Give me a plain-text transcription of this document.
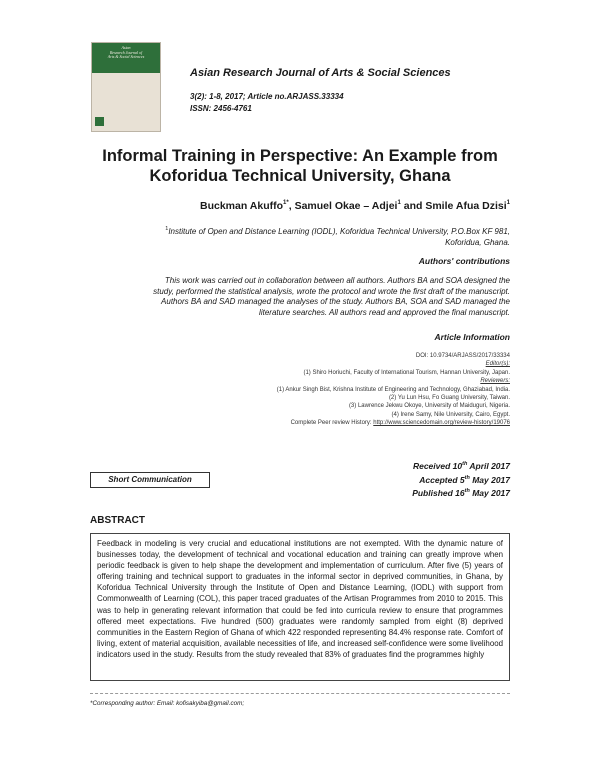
Asian
Research Journal of
Arts & Social Sciences
Asian Research Journal of Arts & Social Sciences
3(2): 1-8, 2017; Article no.ARJASS.33334
ISSN: 2456-4761
Informal Training in Perspective: An Example from
Koforidua Technical University, Ghana
Buckman Akuffo$^{1*}$, Samuel Okae – Adjei$^1$ and Smile Afua Dzisi$^1$
$^1$Institute of Open and Distance Learning (IODL), Koforidua Technical University, P.O.Box KF 981,
Koforidua, Ghana.
Authors' contributions
This work was carried out in collaboration between all authors. Authors BA and SOA designed the
study, performed the statistical analysis, wrote the protocol and wrote the first draft of the manuscript.
Authors BA and SAD managed the analyses of the study. Authors BA, SOA and SAD managed the
literature searches. All authors read and approved the final manuscript.
Article Information
DOI: 10.9734/ARJASS/2017/33334
Editor(s):
(1) Shiro Horiuchi, Faculty of International Tourism, Hannan University, Japan.
Reviewers:
(1) Ankur Singh Bist, Krishna Institute of Engineering and Technology, Ghaziabad, India.
(2) Yu Lun Hsu, Fo Guang University, Taiwan.
(3) Lawrence Jekwu Okoye, University of Maiduguri, Nigeria.
(4) Irene Samy, Nile University, Cairo, Egypt.
Complete Peer review History: http://www.sciencedomain.org/review-history/19076
Received 10th April 2017
Accepted 5th May 2017
Published 16th May 2017
Short Communication
ABSTRACT
Feedback in modeling is very crucial and educational institutions are not exempted. With the dynamic nature of businesses today, the development of technical and vocational education and training can greatly improve when periodic feedback is given to help shape the development and implementation of curriculum. After five (5) years of offering training and technical support to graduates in the informal sector in deprived communities, in Ghana, by Koforidua Technical University through the Institute of Open and Distance Learning, (IODL) with support from Commonwealth of Learning (COL), this paper traced graduates of the Artisan Programmes from 2010 to 2015. This was to help in generating relevant information that could be fed into curricula review to ensure that programmes offered meet expectations. Five hundred (500) graduates were randomly sampled from eight (8) deprived communities in the Eastern Region of Ghana of which 422 responded representing 84.4% response rate. Comfort of living, extent of material acquisition, available necessities of life, and increased self-confidence were some livelihood indicators used in the study. Results from the study revealed that 83% of graduates find the programmes highly
*Corresponding author: Email: kofisakyiba@gmail.com;
